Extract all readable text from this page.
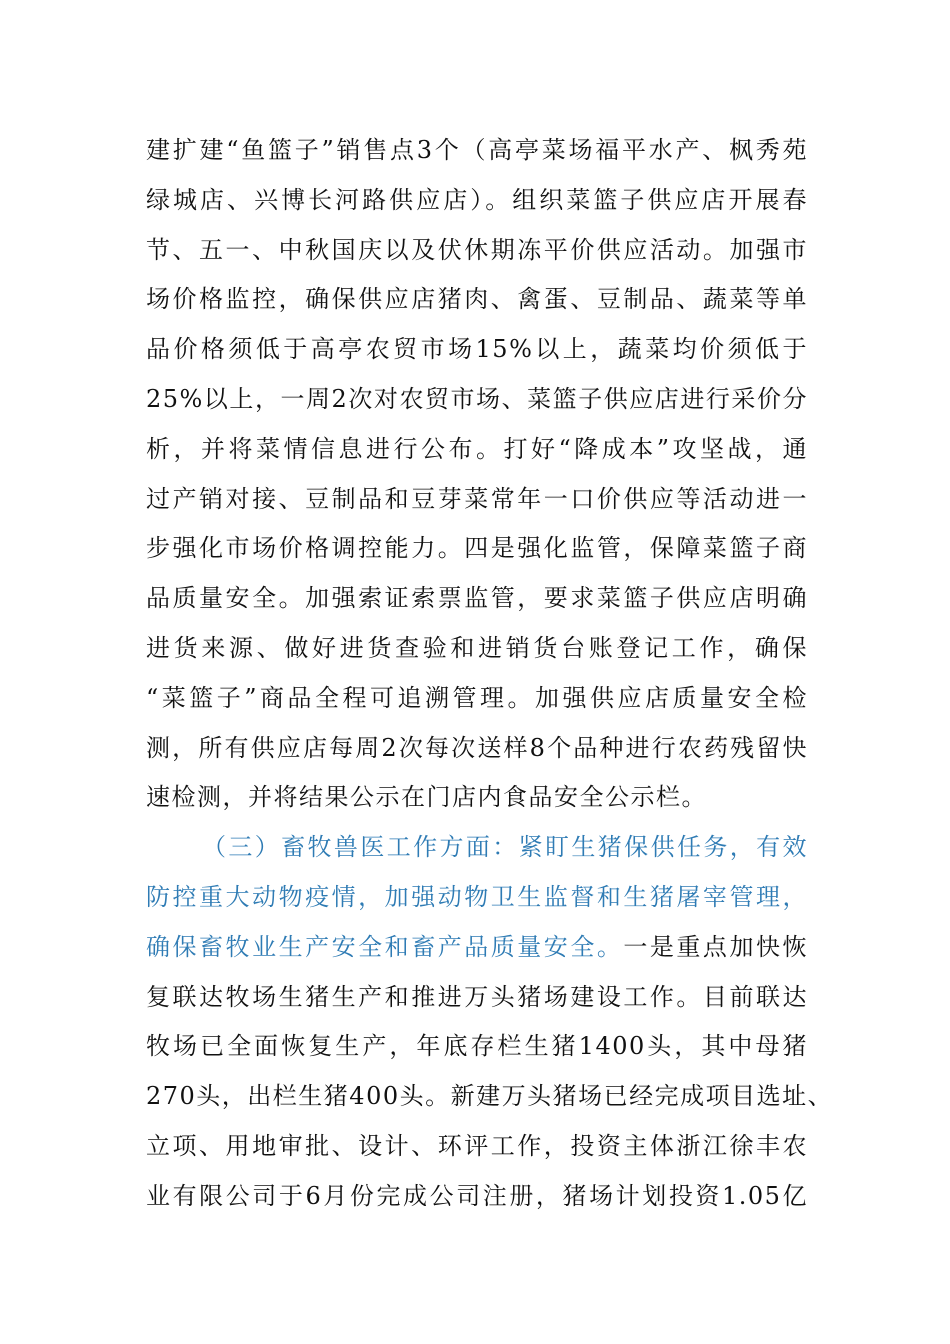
建扩建“鱼篮子”销售点3个（高亭菜场福平水产、枫秀苑
绿城店、兴博长河路供应店）。组织菜篮子供应店开展春
节、五一、中秋国庆以及伏休期冻平价供应活动。加强市
场价格监控，确保供应店猪肉、禽蛋、豆制品、蔬菜等单
品价格须低于高亭农贸市场15%以上，蔬菜均价须低于
25%以上，一周2次对农贸市场、菜篮子供应店进行采价分
析，并将菜情信息进行公布。打好“降成本”攻坚战，通
过产销对接、豆制品和豆芽菜常年一口价供应等活动进一
步强化市场价格调控能力。四是强化监管，保障菜篮子商
品质量安全。加强索证索票监管，要求菜篮子供应店明确
进货来源、做好进货查验和进销货台账登记工作，确保
“菜篮子”商品全程可追溯管理。加强供应店质量安全检
测，所有供应店每周2次每次送样8个品种进行农药残留快
速检测，并将结果公示在门店内食品安全公示栏。
（三）畜牧兽医工作方面：紧盯生猪保供任务，有效
防控重大动物疫情，加强动物卫生监督和生猪屠宰管理，
确保畜牧业生产安全和畜产品质量安全。一是重点加快恢
复联达牧场生猪生产和推进万头猪场建设工作。目前联达
牧场已全面恢复生产，年底存栏生猪1400头，其中母猪
270头，出栏生猪400头。新建万头猪场已经完成项目选址、
立项、用地审批、设计、环评工作，投资主体浙江徐丰农
业有限公司于6月份完成公司注册，猪场计划投资1.05亿
